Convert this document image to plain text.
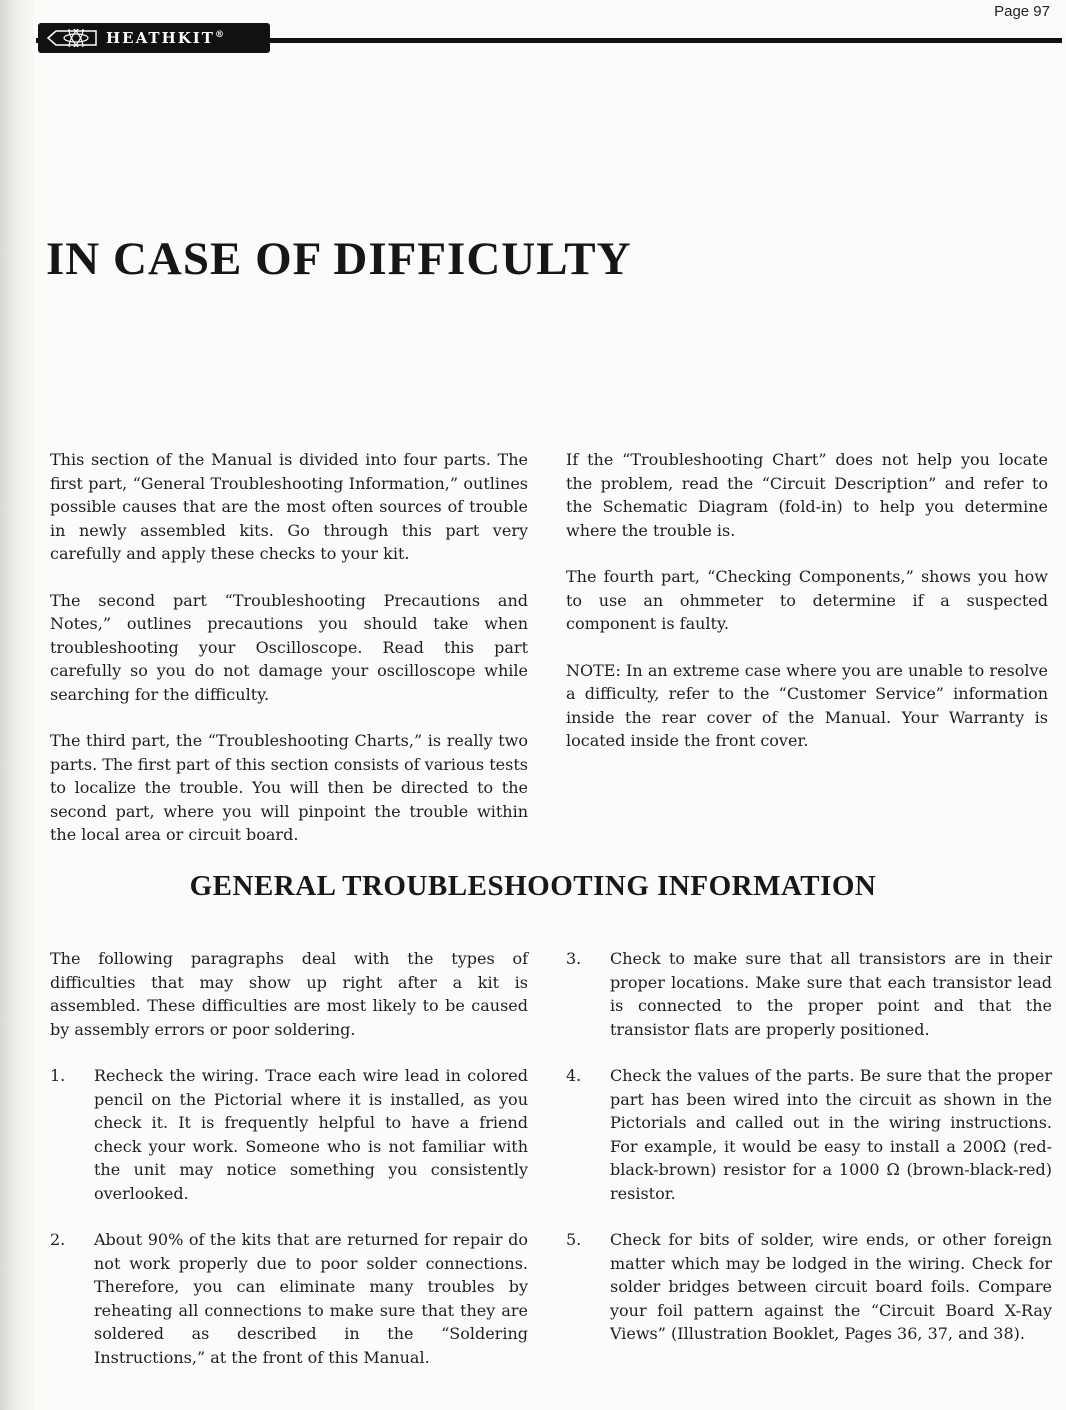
Page 97
HEATHKIT®
IN CASE OF DIFFICULTY

This section of the Manual is divided into four parts. The first part, “General Troubleshooting Information,” outlines possible causes that are the most often sources of trouble in newly assembled kits. Go through this part very carefully and apply these checks to your kit.

The second part “Troubleshooting Precautions and Notes,” outlines precautions you should take when troubleshooting your Oscilloscope. Read this part carefully so you do not damage your oscilloscope while searching for the difficulty.

The third part, the “Troubleshooting Charts,” is really two parts. The first part of this section consists of various tests to localize the trouble. You will then be directed to the second part, where you will pinpoint the trouble within the local area or circuit board.

If the “Troubleshooting Chart” does not help you locate the problem, read the “Circuit Description” and refer to the Schematic Diagram (fold-in) to help you determine where the trouble is.

The fourth part, “Checking Components,” shows you how to use an ohmmeter to determine if a suspected component is faulty.

NOTE: In an extreme case where you are unable to resolve a difficulty, refer to the “Customer Service” information inside the rear cover of the Manual. Your Warranty is located inside the front cover.

GENERAL TROUBLESHOOTING INFORMATION

The following paragraphs deal with the types of difficulties that may show up right after a kit is assembled. These difficulties are most likely to be caused by assembly errors or poor soldering.

1.	Recheck the wiring. Trace each wire lead in colored pencil on the Pictorial where it is installed, as you check it. It is frequently helpful to have a friend check your work. Someone who is not familiar with the unit may notice something you consistently overlooked.
2.	About 90% of the kits that are returned for repair do not work properly due to poor solder connections. Therefore, you can eliminate many troubles by reheating all connections to make sure that they are soldered as described in the “Soldering Instructions,” at the front of this Manual.
3.	Check to make sure that all transistors are in their proper locations. Make sure that each transistor lead is connected to the proper point and that the transistor flats are properly positioned.
4.	Check the values of the parts. Be sure that the proper part has been wired into the circuit as shown in the Pictorials and called out in the wiring instructions. For example, it would be easy to install a 200Ω (red-black-brown) resistor for a 1000 Ω (brown-black-red) resistor.
5.	Check for bits of solder, wire ends, or other foreign matter which may be lodged in the wiring. Check for solder bridges between circuit board foils. Compare your foil pattern against the “Circuit Board X-Ray Views” (Illustration Booklet, Pages 36, 37, and 38).
